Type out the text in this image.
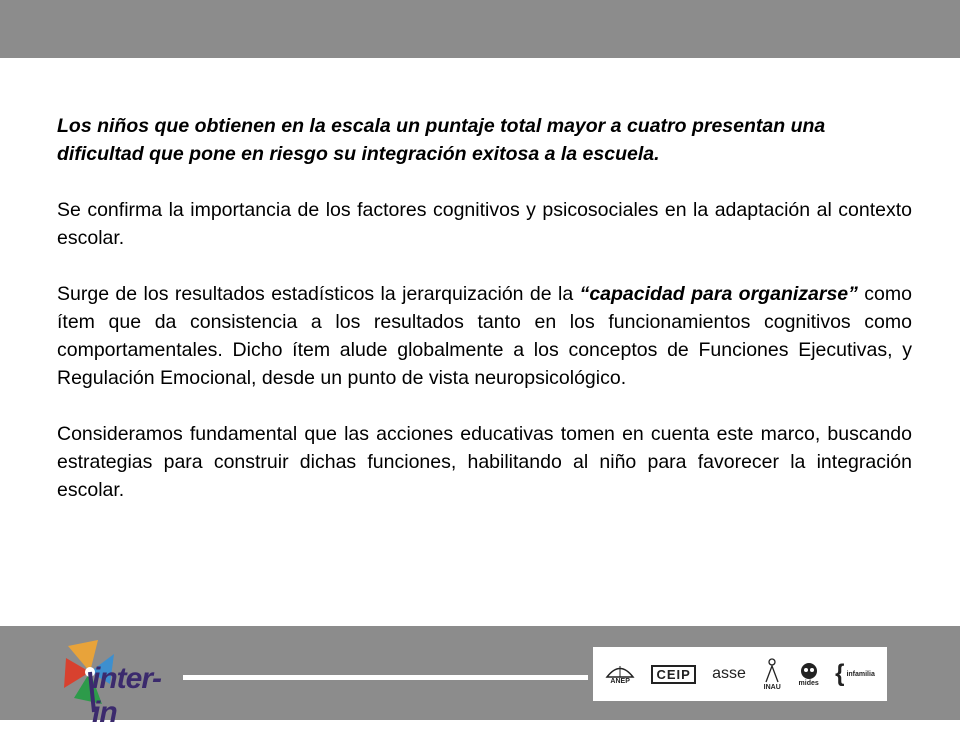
Los niños que obtienen en la escala un puntaje total mayor a cuatro presentan una dificultad que pone en riesgo su integración exitosa a la escuela.

Se confirma la importancia de los factores cognitivos y psicosociales en la adaptación al contexto escolar.

Surge de los resultados estadísticos la jerarquización de la “capacidad para organizarse” como ítem que da consistencia a los resultados tanto en los funcionamientos cognitivos como comportamentales. Dicho ítem alude globalmente a los conceptos de Funciones Ejecutivas, y Regulación Emocional, desde un punto de vista neuropsicológico.

Consideramos fundamental que las acciones educativas tomen en cuenta este marco, buscando estrategias para construir dichas funciones, habilitando al niño para favorecer la integración escolar.

inter-in
ANEP	CEIP	asse
INAU
mides { infamilia
